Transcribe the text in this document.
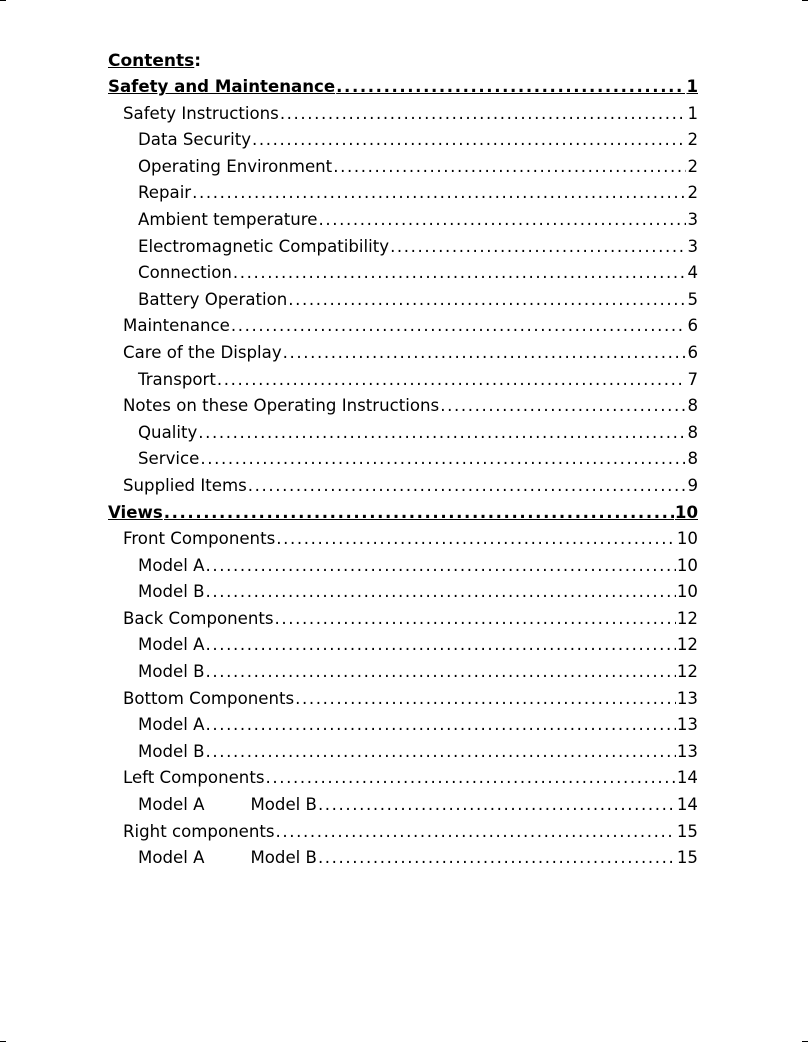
Contents:
Safety and Maintenance .....	1
Safety Instructions .....	1
Data Security .....	2
Operating Environment .....	2
Repair .....	2
Ambient temperature .....	3
Electromagnetic Compatibility .....	3
Connection .....	4
Battery Operation .....	5
Maintenance .....	6
Care of the Display .....	6
Transport .....	7
Notes on these Operating Instructions .....	8
Quality .....	8
Service .....	8
Supplied Items .....	9
Views .....	10
Front Components .....	10
Model A .....	10
Model B .....	10
Back Components .....	12
Model A .....	12
Model B .....	12
Bottom Components .....	13
Model A .....	13
Model B .....	13
Left Components .....	14
Model A	Model B .....	14
Right components .....	15
Model A	Model B .....	15
